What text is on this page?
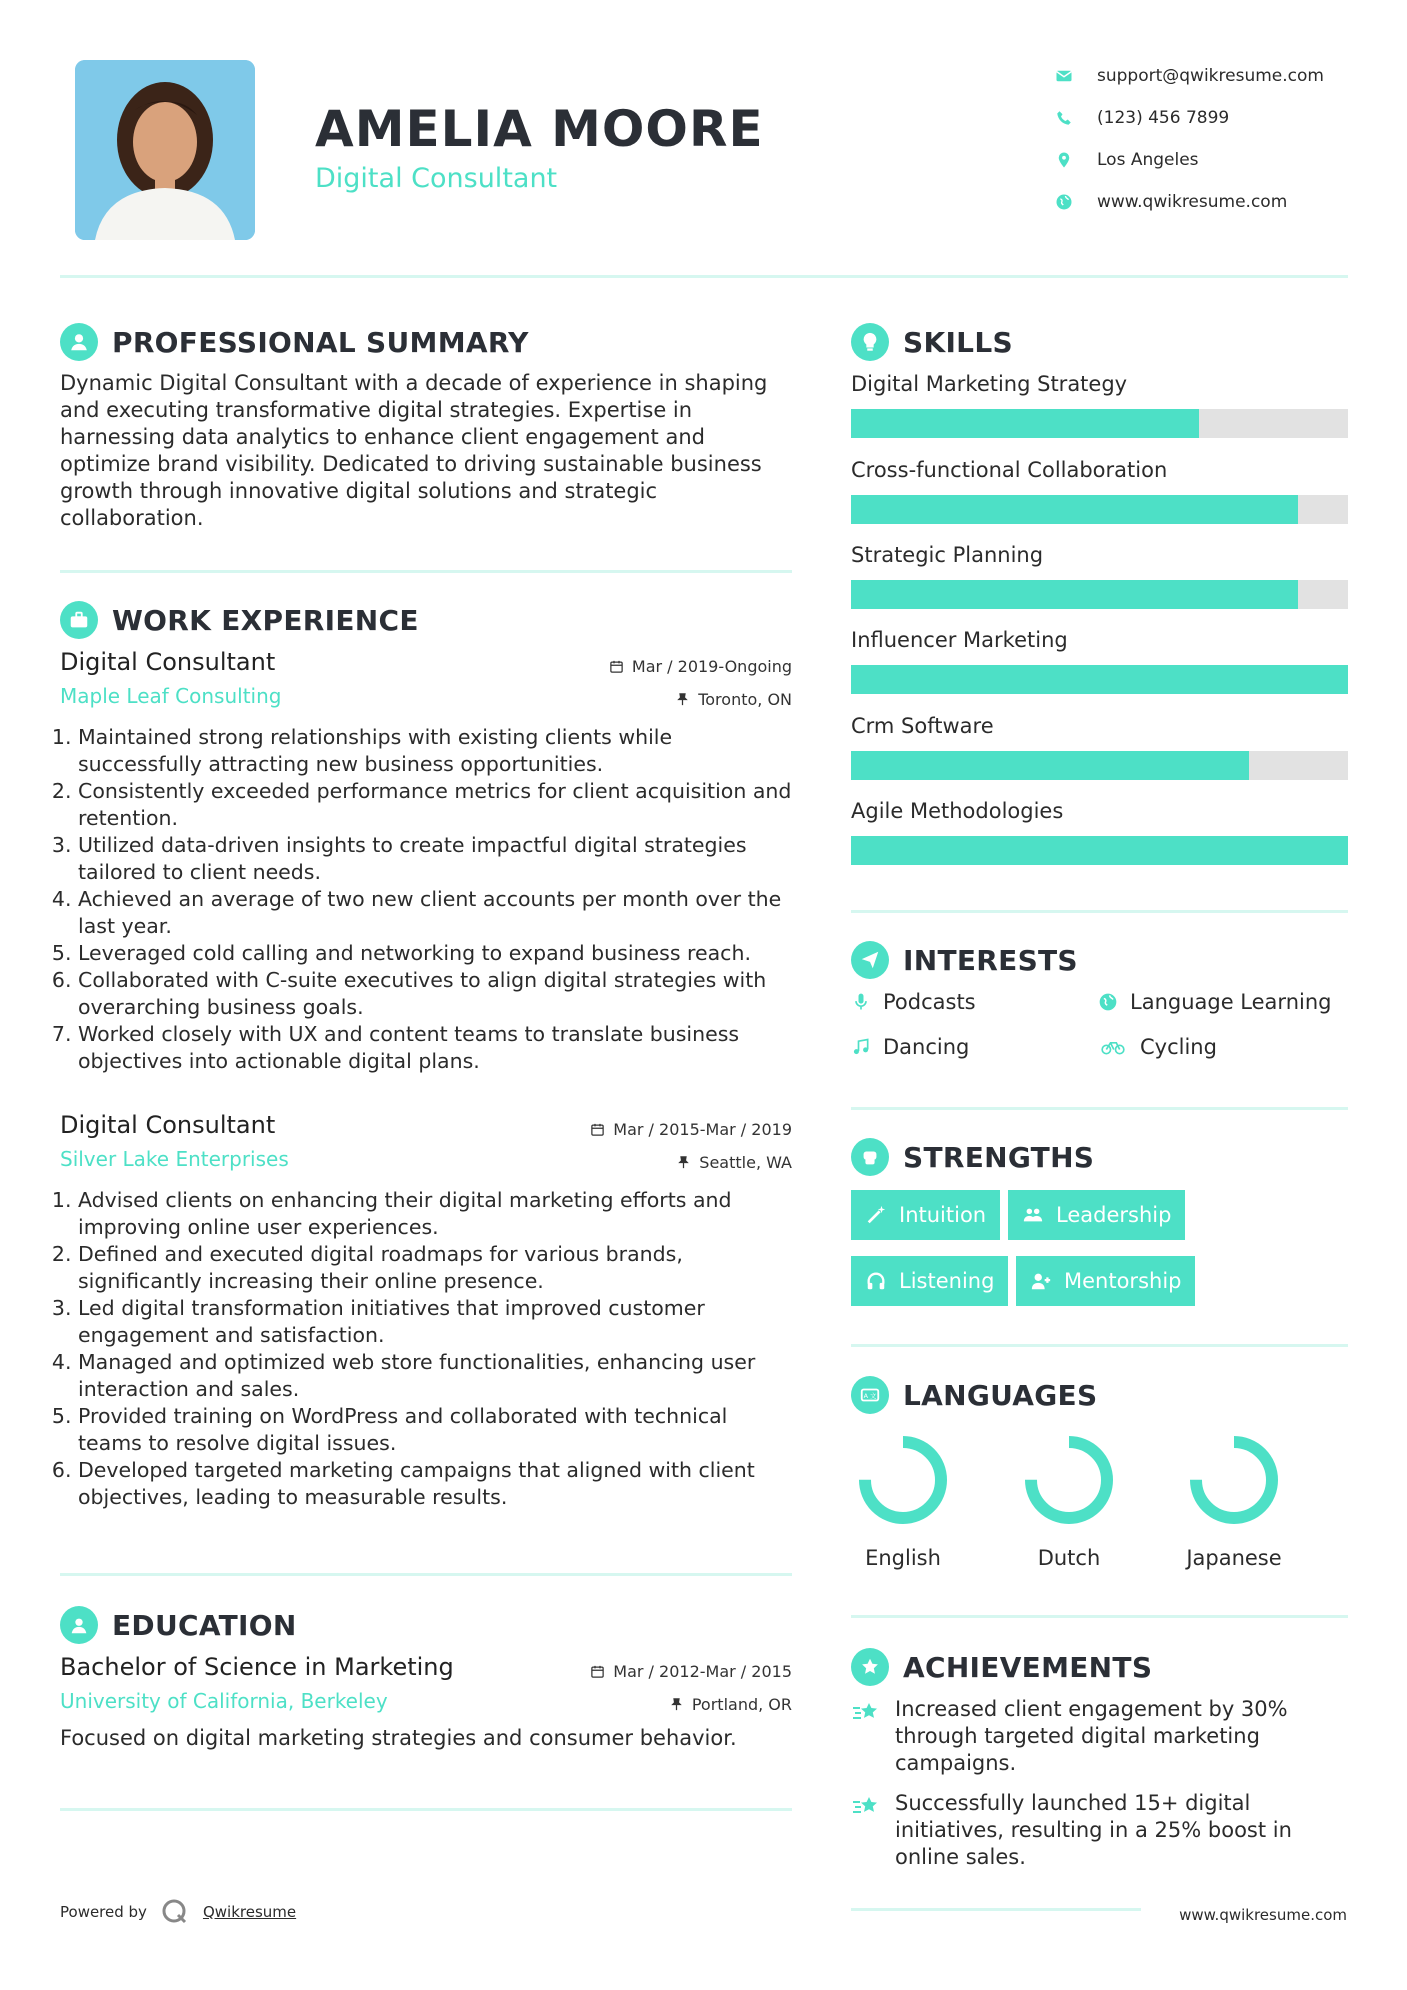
AMELIA MOORE
Digital Consultant
support@qwikresume.com
(123) 456 7899
Los Angeles
www.qwikresume.com
PROFESSIONAL SUMMARY
Dynamic Digital Consultant with a decade of experience in shaping and executing transformative digital strategies. Expertise in harnessing data analytics to enhance client engagement and optimize brand visibility. Dedicated to driving sustainable business growth through innovative digital solutions and strategic collaboration.
WORK EXPERIENCE
Digital Consultant
Maple Leaf Consulting
Mar / 2019-Ongoing
Toronto, ON
1. Maintained strong relationships with existing clients while successfully attracting new business opportunities.
2. Consistently exceeded performance metrics for client acquisition and retention.
3. Utilized data-driven insights to create impactful digital strategies tailored to client needs.
4. Achieved an average of two new client accounts per month over the last year.
5. Leveraged cold calling and networking to expand business reach.
6. Collaborated with C-suite executives to align digital strategies with overarching business goals.
7. Worked closely with UX and content teams to translate business objectives into actionable digital plans.
Digital Consultant
Silver Lake Enterprises
Mar / 2015-Mar / 2019
Seattle, WA
1. Advised clients on enhancing their digital marketing efforts and improving online user experiences.
2. Defined and executed digital roadmaps for various brands, significantly increasing their online presence.
3. Led digital transformation initiatives that improved customer engagement and satisfaction.
4. Managed and optimized web store functionalities, enhancing user interaction and sales.
5. Provided training on WordPress and collaborated with technical teams to resolve digital issues.
6. Developed targeted marketing campaigns that aligned with client objectives, leading to measurable results.
EDUCATION
Bachelor of Science in Marketing
University of California, Berkeley
Mar / 2012-Mar / 2015
Portland, OR
Focused on digital marketing strategies and consumer behavior.
SKILLS
Digital Marketing Strategy
Cross-functional Collaboration
Strategic Planning
Influencer Marketing
Crm Software
Agile Methodologies
INTERESTS
Podcasts	Language Learning
Dancing	Cycling
STRENGTHS
Intuition	Leadership
Listening	Mentorship
A 文 LANGUAGES
English	Dutch	Japanese
ACHIEVEMENTS
Increased client engagement by 30% through targeted digital marketing campaigns.
Successfully launched 15+ digital initiatives, resulting in a 25% boost in online sales.
Powered by	Qwikresume	www.qwikresume.com
